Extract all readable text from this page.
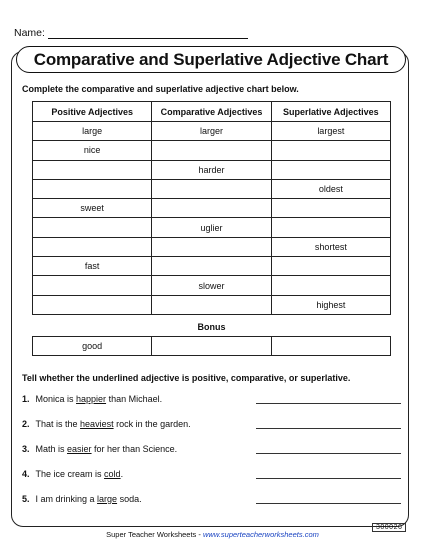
Name:
Comparative and Superlative Adjective Chart
Complete the comparative and superlative adjective chart below.
Positive Adjectives	Comparative Adjectives	Superlative Adjectives
large	larger	largest
nice		
	harder	
		oldest
sweet		
	uglier	
		shortest
fast		
	slower	
		highest
Bonus
good		
Tell whether the underlined adjective is positive, comparative, or superlative.
1. Monica is happier than Michael.
2. That is the heaviest rock in the garden.
3. Math is easier for her than Science.
4. The ice cream is cold.
5. I am drinking a large soda.
Super Teacher Worksheets - www.superteacherworksheets.com
300026
